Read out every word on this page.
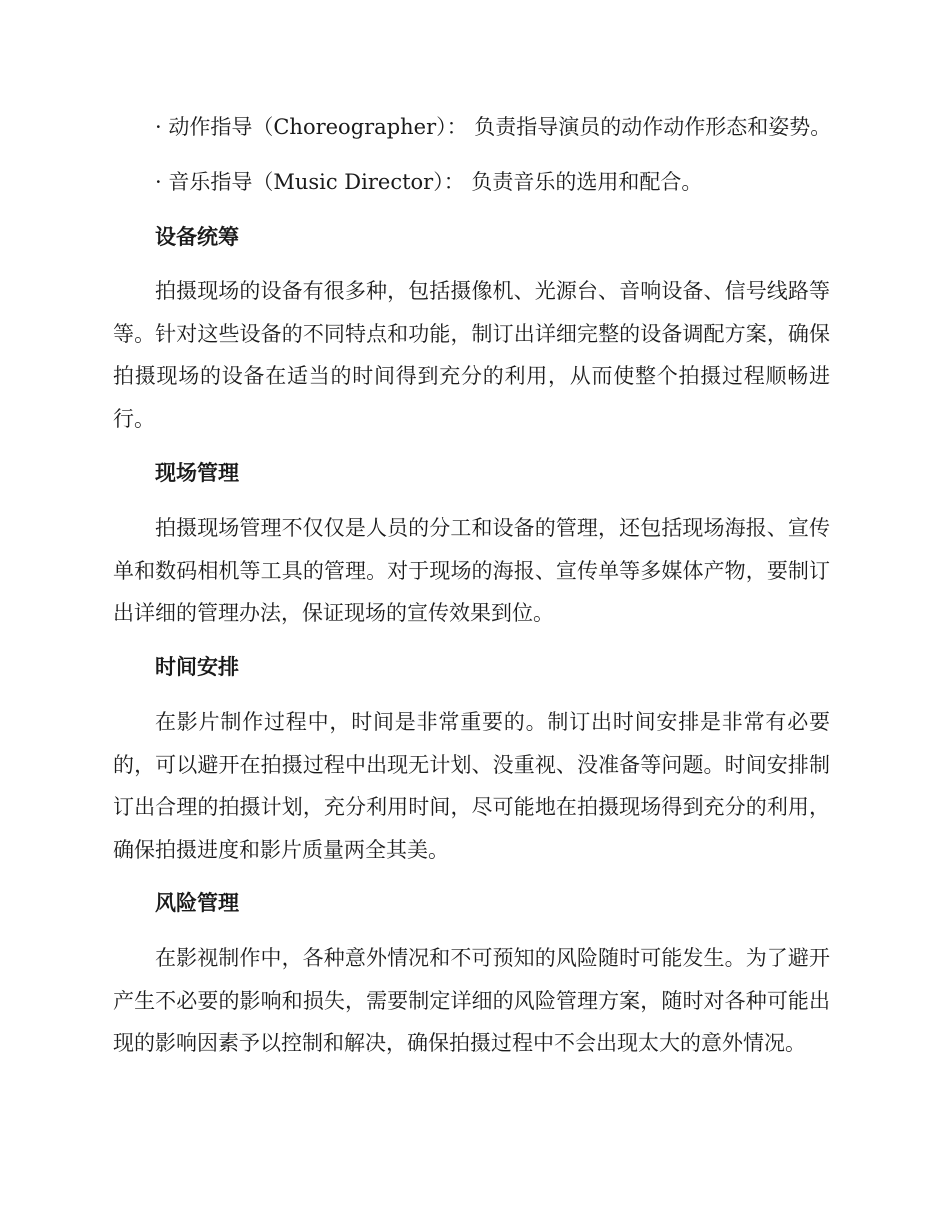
· 动作指导（Choreographer）： 负责指导演员的动作动作形态和姿势。
· 音乐指导（Music Director）： 负责音乐的选用和配合。
设备统筹

拍摄现场的设备有很多种，包括摄像机、光源台、音响设备、信号线路等等。针对这些设备的不同特点和功能，制订出详细完整的设备调配方案，确保拍摄现场的设备在适当的时间得到充分的利用，从而使整个拍摄过程顺畅进行。

现场管理

拍摄现场管理不仅仅是人员的分工和设备的管理，还包括现场海报、宣传单和数码相机等工具的管理。对于现场的海报、宣传单等多媒体产物，要制订出详细的管理办法，保证现场的宣传效果到位。

时间安排

在影片制作过程中，时间是非常重要的。制订出时间安排是非常有必要的，可以避开在拍摄过程中出现无计划、没重视、没准备等问题。时间安排制订出合理的拍摄计划，充分利用时间，尽可能地在拍摄现场得到充分的利用，确保拍摄进度和影片质量两全其美。

风险管理

在影视制作中，各种意外情况和不可预知的风险随时可能发生。为了避开产生不必要的影响和损失，需要制定详细的风险管理方案，随时对各种可能出现的影响因素予以控制和解决，确保拍摄过程中不会出现太大的意外情况。
